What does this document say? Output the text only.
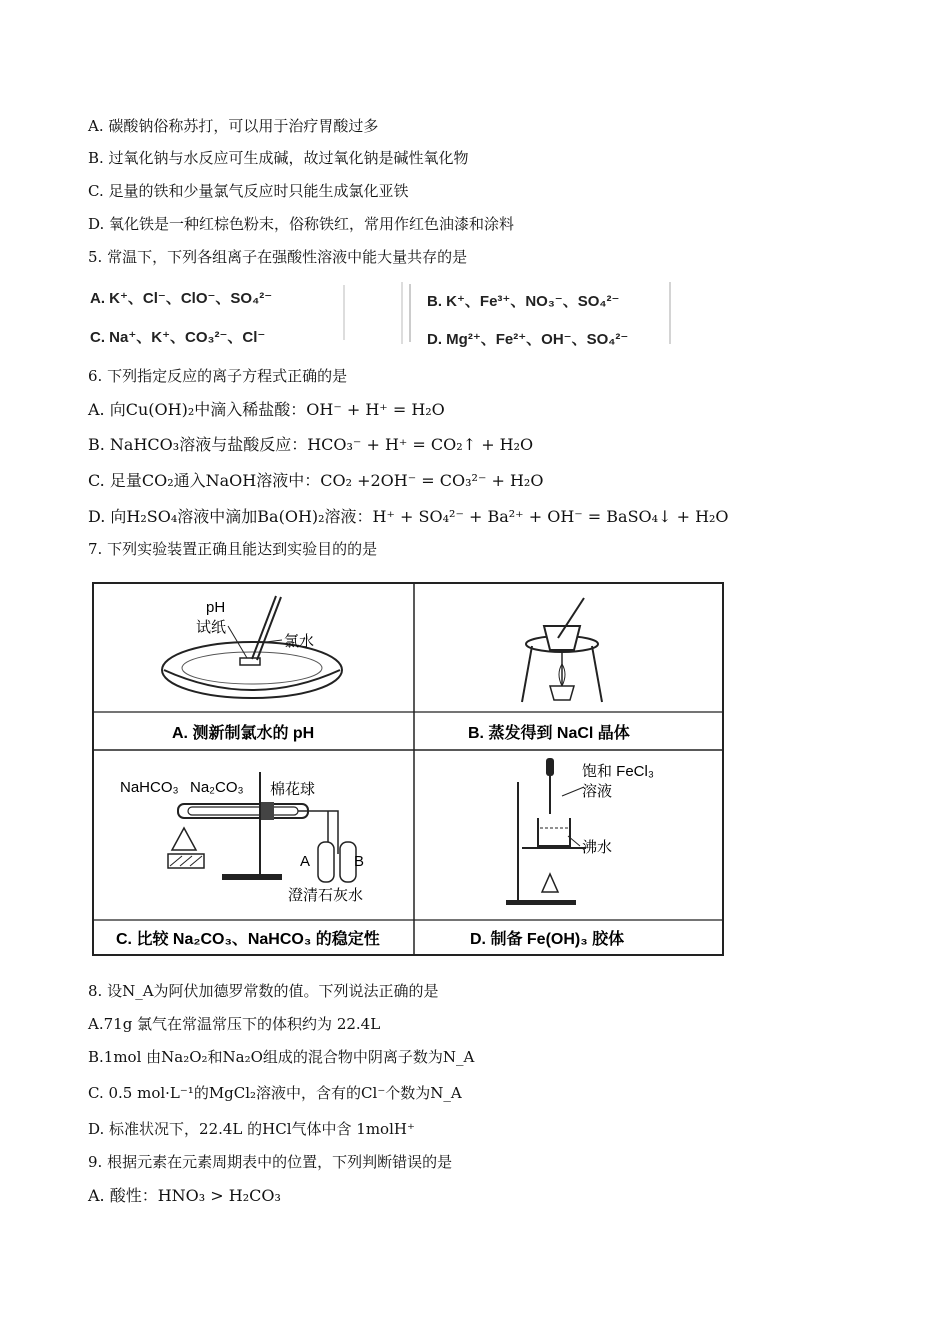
A. 碳酸钠俗称苏打，可以用于治疗胃酸过多
B. 过氧化钠与水反应可生成碱，故过氧化钠是碱性氧化物
C. 足量的铁和少量氯气反应时只能生成氯化亚铁
D. 氧化铁是一种红棕色粉末，俗称铁红，常用作红色油漆和涂料
5. 常温下，下列各组离子在强酸性溶液中能大量共存的是
A. K⁺、Cl⁻、ClO⁻、SO₄²⁻	B. K⁺、Fe³⁺、NO₃⁻、SO₄²⁻
C. Na⁺、K⁺、CO₃²⁻、Cl⁻	D. Mg²⁺、Fe²⁺、OH⁻、SO₄²⁻
6. 下列指定反应的离子方程式正确的是
A. 向Cu(OH)₂中滴入稀盐酸：OH⁻ + H⁺ = H₂O
B. NaHCO₃溶液与盐酸反应：HCO₃⁻ + H⁺ = CO₂↑ + H₂O
C. 足量CO₂通入NaOH溶液中：CO₂ +2OH⁻ = CO₃²⁻ + H₂O
D. 向H₂SO₄溶液中滴加Ba(OH)₂溶液：H⁺ + SO₄²⁻ + Ba²⁺ + OH⁻ = BaSO₄↓ + H₂O
7. 下列实验装置正确且能达到实验目的的是
pH
试纸
氯水
A. 测新制氯水的 pH	B. 蒸发得到 NaCl 晶体
NaHCO₃ Na₂CO₃ 棉花球
A	B
澄清石灰水
C. 比较 Na₂CO₃、NaHCO₃ 的稳定性
饱和 FeCl₃
溶液
沸水
D. 制备 Fe(OH)₃ 胶体
8. 设N_A为阿伏加德罗常数的值。下列说法正确的是
A.71g 氯气在常温常压下的体积约为 22.4L
B.1mol 由Na₂O₂和Na₂O组成的混合物中阴离子数为N_A
C. 0.5 mol·L⁻¹的MgCl₂溶液中，含有的Cl⁻个数为N_A
D. 标准状况下，22.4L 的HCl气体中含 1molH⁺
9. 根据元素在元素周期表中的位置，下列判断错误的是
A. 酸性：HNO₃ > H₂CO₃
